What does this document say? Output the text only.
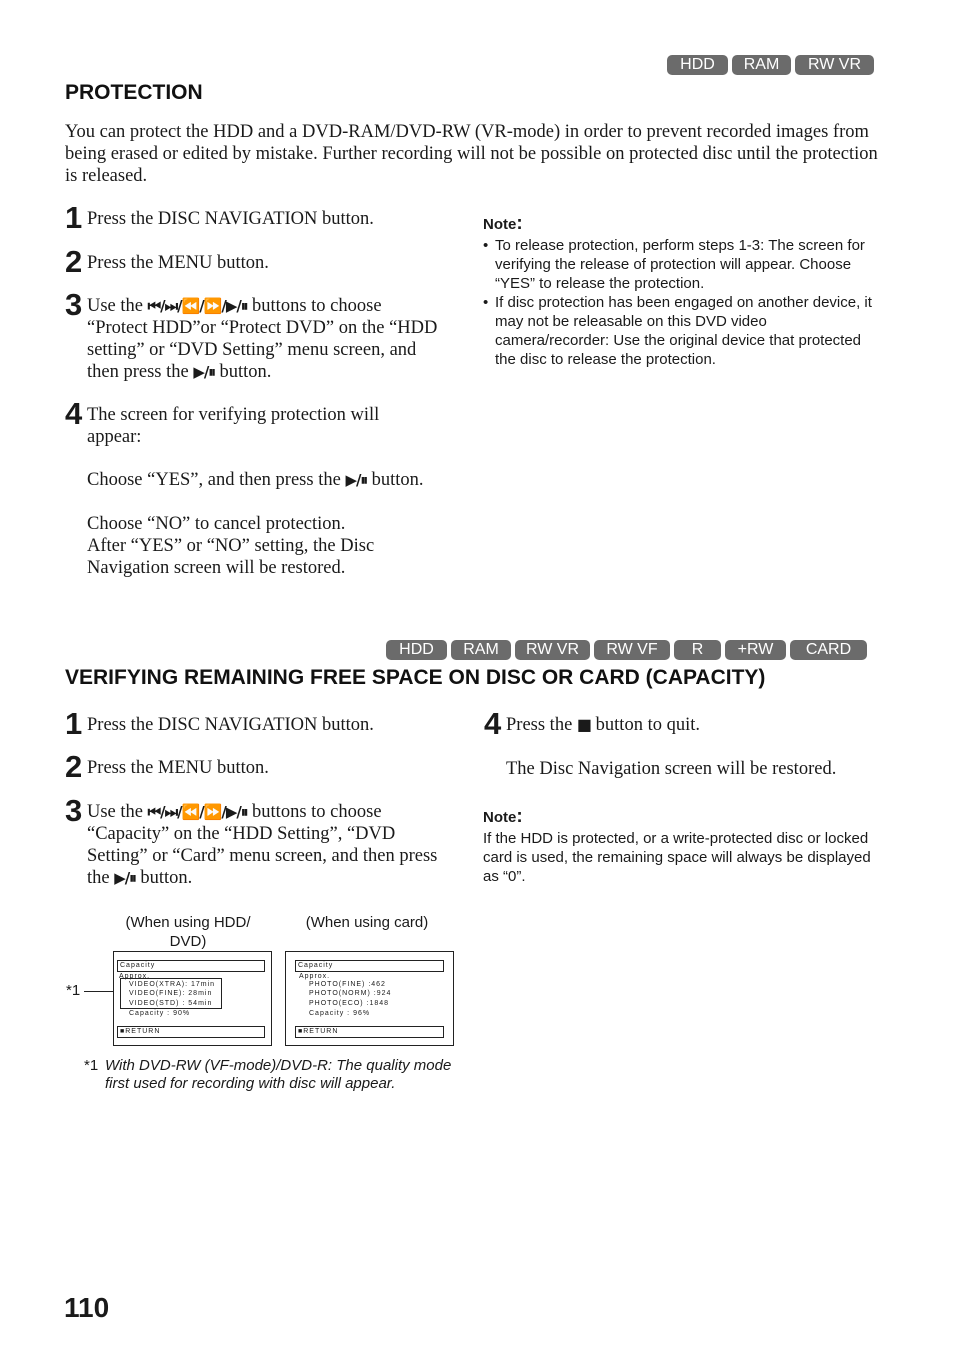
HDD	RAM	RW VR
PROTECTION
You can protect the HDD and a DVD-RAM/DVD-RW (VR-mode) in order to prevent recorded images from being erased or edited by mistake. Further recording will not be possible on protected disc until the protection is released.
1 Press the DISC NAVIGATION button.
2 Press the MENU button.
3 Use the ⏮/⏭/⏪/⏩/▶/⏸ buttons to choose “Protect HDD”or “Protect DVD” on the “HDD setting” or “DVD Setting” menu screen, and then press the ▶/⏸ button.
4 The screen for verifying protection will appear:
Choose “YES”, and then press the ▶/⏸ button.
Choose “NO” to cancel protection.
After “YES” or “NO” setting, the Disc Navigation screen will be restored.
Note:
• To release protection, perform steps 1-3: The screen for verifying the release of protection will appear. Choose “YES” to release the protection.
• If disc protection has been engaged on another device, it may not be releasable on this DVD video camera/recorder: Use the original device that protected the disc to release the protection.
HDD	RAM	RW VR	RW VF	R	+RW	CARD
VERIFYING REMAINING FREE SPACE ON DISC OR CARD (CAPACITY)
1 Press the DISC NAVIGATION button.
2 Press the MENU button.
3 Use the ⏮/⏭/⏪/⏩/▶/⏸ buttons to choose “Capacity” on the “HDD Setting”, “DVD Setting” or “Card” menu screen, and then press the ▶/⏸ button.
4 Press the ■ button to quit.
The Disc Navigation screen will be restored.
Note:
If the HDD is protected, or a write-protected disc or locked card is used, the remaining space will always be displayed as “0”.
(When using HDD/ DVD)
(When using card)
*1
Capacity
Approx.
VIDEO(XTRA): 17min
VIDEO(FINE): 28min
VIDEO(STD) : 54min
Capacity : 90%
■RETURN
Capacity
Approx.
PHOTO(FINE) :462
PHOTO(NORM) :924
PHOTO(ECO) :1848
Capacity : 96%
■RETURN
*1 With DVD-RW (VF-mode)/DVD-R: The quality mode first used for recording with disc will appear.
110
